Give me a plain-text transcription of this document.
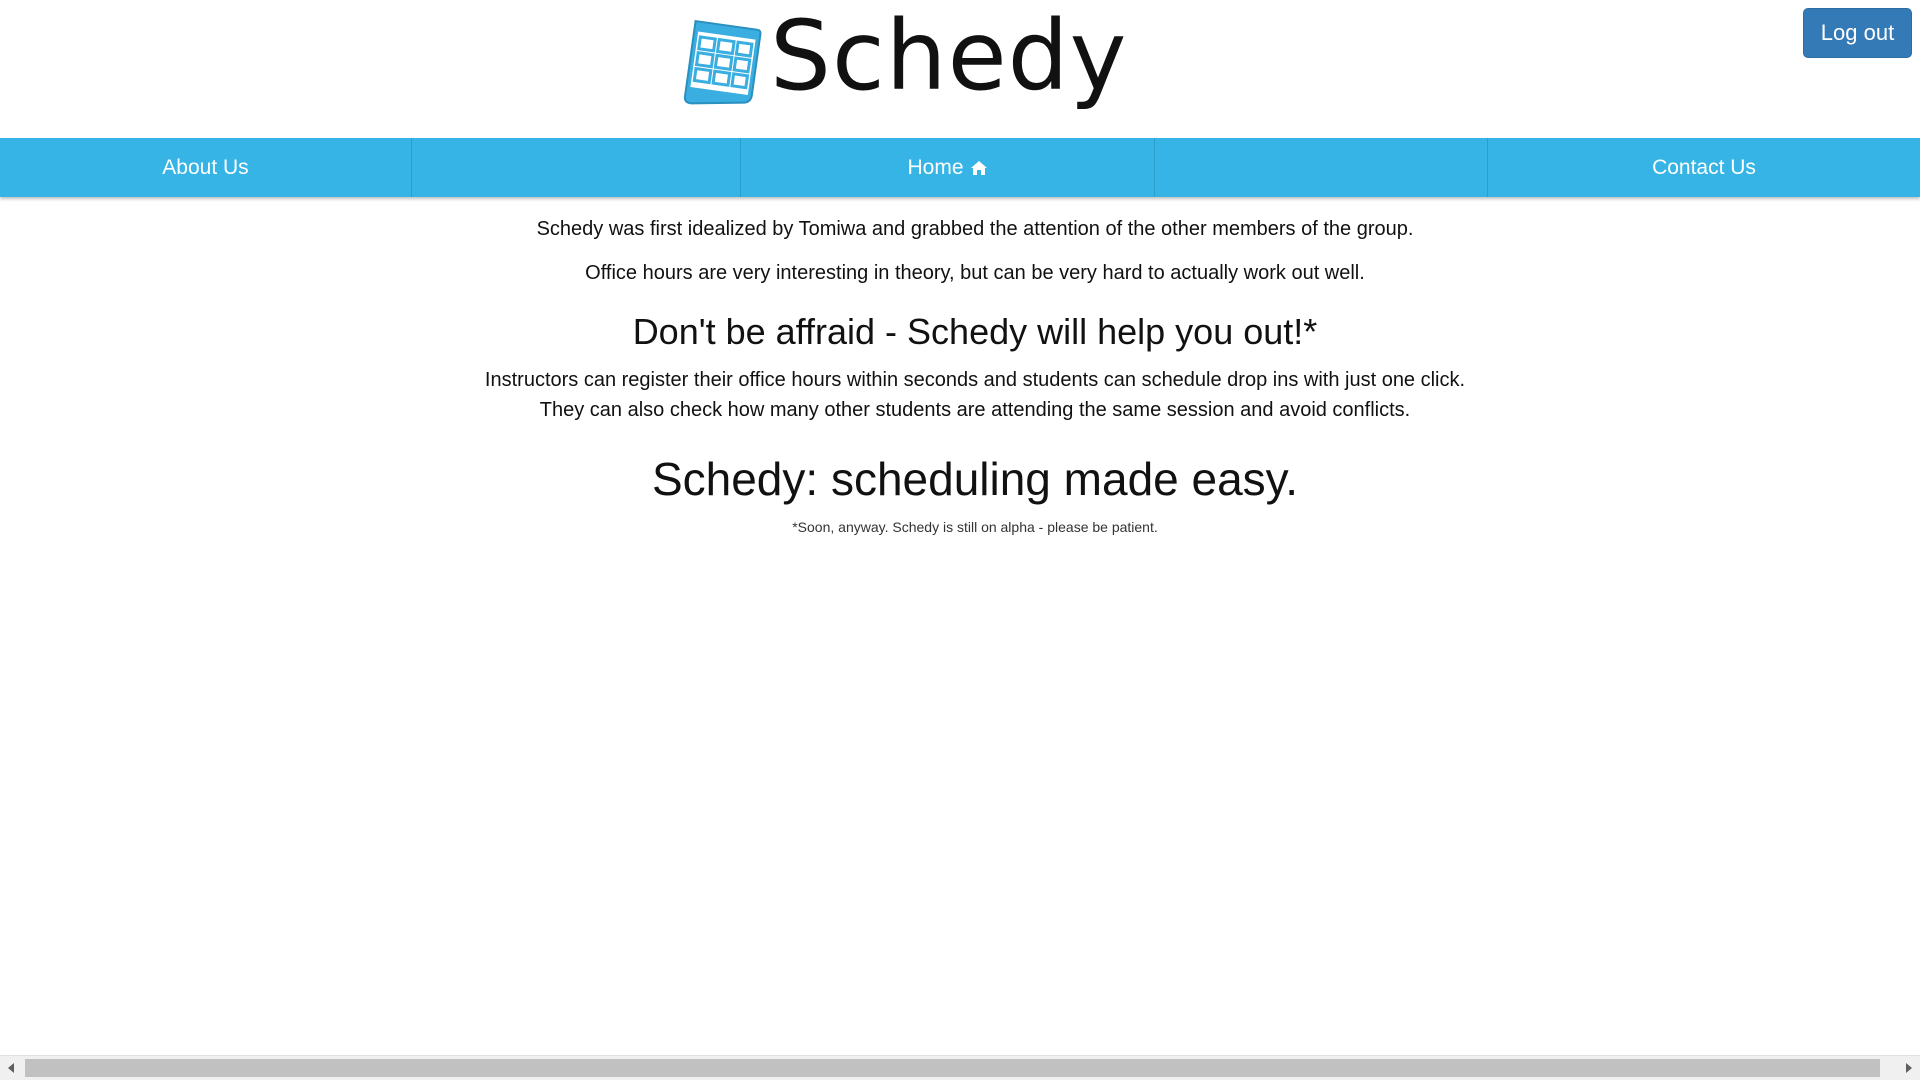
Schedy	Log out
About Us	Home	Contact Us

Schedy was first idealized by Tomiwa and grabbed the attention of the other members of the group.

Office hours are very interesting in theory, but can be very hard to actually work out well.

Don't be affraid - Schedy will help you out!*

Instructors can register their office hours within seconds and students can schedule drop ins with just one click.
They can also check how many other students are attending the same session and avoid conflicts.

Schedy: scheduling made easy.

*Soon, anyway. Schedy is still on alpha - please be patient.
